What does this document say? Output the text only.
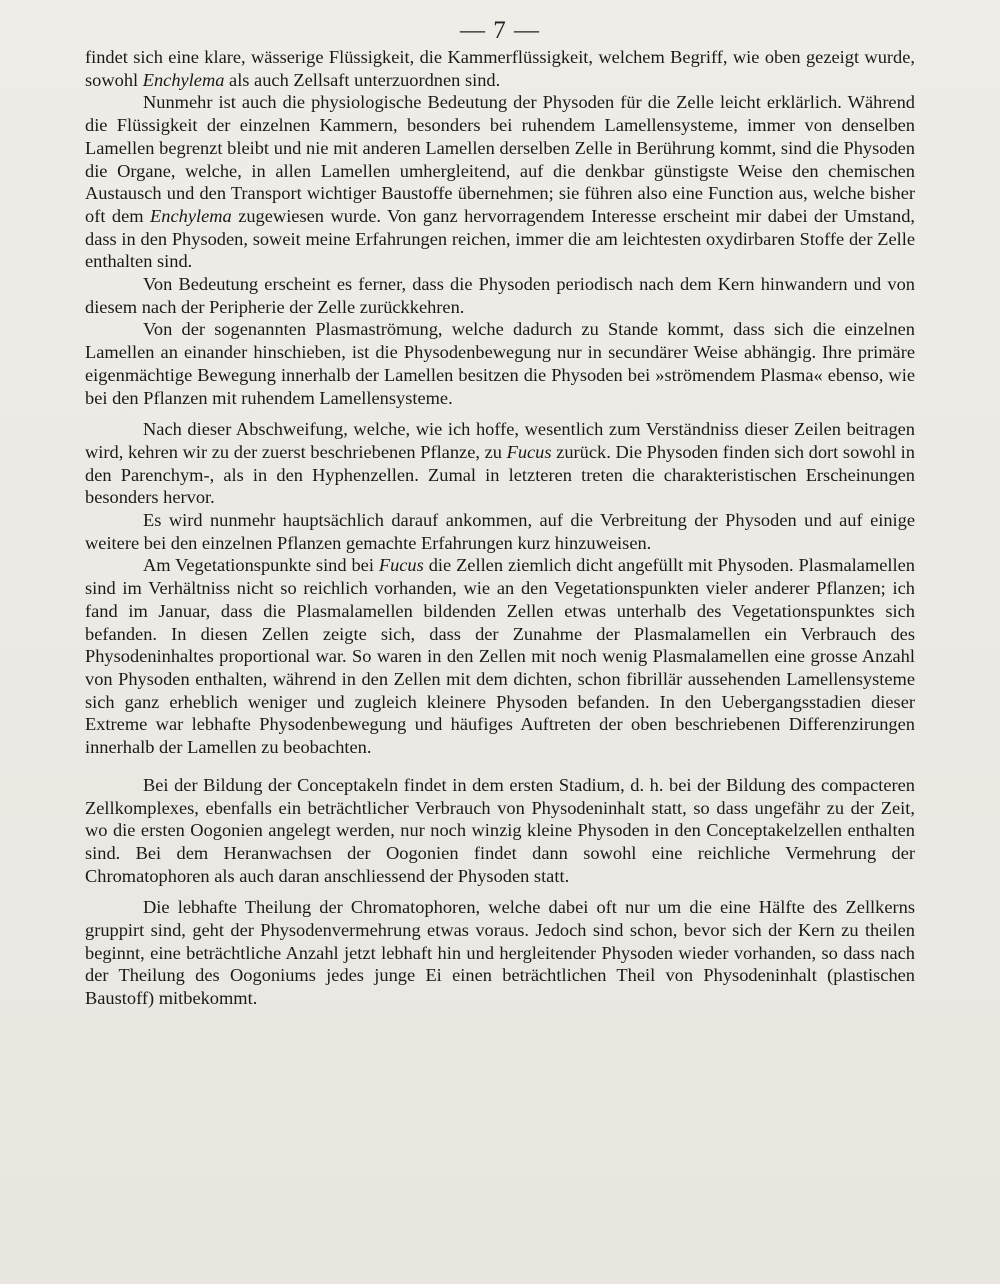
— 7 —

findet sich eine klare, wässerige Flüssigkeit, die Kammerflüssigkeit, welchem Begriff, wie oben gezeigt wurde, sowohl Enchylema als auch Zellsaft unterzuordnen sind.

Nunmehr ist auch die physiologische Bedeutung der Physoden für die Zelle leicht erklärlich. Während die Flüssigkeit der einzelnen Kammern, besonders bei ruhendem Lamellensysteme, immer von denselben Lamellen begrenzt bleibt und nie mit anderen Lamellen derselben Zelle in Berührung kommt, sind die Physoden die Organe, welche, in allen Lamellen umhergleitend, auf die denkbar günstigste Weise den chemischen Austausch und den Transport wichtiger Baustoffe übernehmen; sie führen also eine Function aus, welche bisher oft dem Enchylema zugewiesen wurde. Von ganz hervorragendem Interesse erscheint mir dabei der Umstand, dass in den Physoden, soweit meine Erfahrungen reichen, immer die am leichtesten oxydirbaren Stoffe der Zelle enthalten sind.

Von Bedeutung erscheint es ferner, dass die Physoden periodisch nach dem Kern hinwandern und von diesem nach der Peripherie der Zelle zurückkehren.

Von der sogenannten Plasmaströmung, welche dadurch zu Stande kommt, dass sich die einzelnen Lamellen an einander hinschieben, ist die Physodenbewegung nur in secundärer Weise abhängig. Ihre primäre eigenmächtige Bewegung innerhalb der Lamellen besitzen die Physoden bei »strömendem Plasma« ebenso, wie bei den Pflanzen mit ruhendem Lamellensysteme.

Nach dieser Abschweifung, welche, wie ich hoffe, wesentlich zum Verständniss dieser Zeilen beitragen wird, kehren wir zu der zuerst beschriebenen Pflanze, zu Fucus zurück. Die Physoden finden sich dort sowohl in den Parenchym-, als in den Hyphenzellen. Zumal in letzteren treten die charakteristischen Erscheinungen besonders hervor.

Es wird nunmehr hauptsächlich darauf ankommen, auf die Verbreitung der Physoden und auf einige weitere bei den einzelnen Pflanzen gemachte Erfahrungen kurz hinzuweisen.

Am Vegetationspunkte sind bei Fucus die Zellen ziemlich dicht angefüllt mit Physoden. Plasmalamellen sind im Verhältniss nicht so reichlich vorhanden, wie an den Vegetationspunkten vieler anderer Pflanzen; ich fand im Januar, dass die Plasmalamellen bildenden Zellen etwas unterhalb des Vegetationspunktes sich befanden. In diesen Zellen zeigte sich, dass der Zunahme der Plasmalamellen ein Verbrauch des Physodeninhaltes proportional war. So waren in den Zellen mit noch wenig Plasmalamellen eine grosse Anzahl von Physoden enthalten, während in den Zellen mit dem dichten, schon fibrillär aussehenden Lamellensysteme sich ganz erheblich weniger und zugleich kleinere Physoden befanden. In den Uebergangsstadien dieser Extreme war lebhafte Physodenbewegung und häufiges Auftreten der oben beschriebenen Differenzirungen innerhalb der Lamellen zu beobachten.

Bei der Bildung der Conceptakeln findet in dem ersten Stadium, d. h. bei der Bildung des compacteren Zellkomplexes, ebenfalls ein beträchtlicher Verbrauch von Physodeninhalt statt, so dass ungefähr zu der Zeit, wo die ersten Oogonien angelegt werden, nur noch winzig kleine Physoden in den Conceptakelzellen enthalten sind. Bei dem Heranwachsen der Oogonien findet dann sowohl eine reichliche Vermehrung der Chromatophoren als auch daran anschliessend der Physoden statt.

Die lebhafte Theilung der Chromatophoren, welche dabei oft nur um die eine Hälfte des Zellkerns gruppirt sind, geht der Physodenvermehrung etwas voraus. Jedoch sind schon, bevor sich der Kern zu theilen beginnt, eine beträchtliche Anzahl jetzt lebhaft hin und hergleitender Physoden wieder vorhanden, so dass nach der Theilung des Oogoniums jedes junge Ei einen beträchtlichen Theil von Physodeninhalt (plastischen Baustoff) mitbekommt.
